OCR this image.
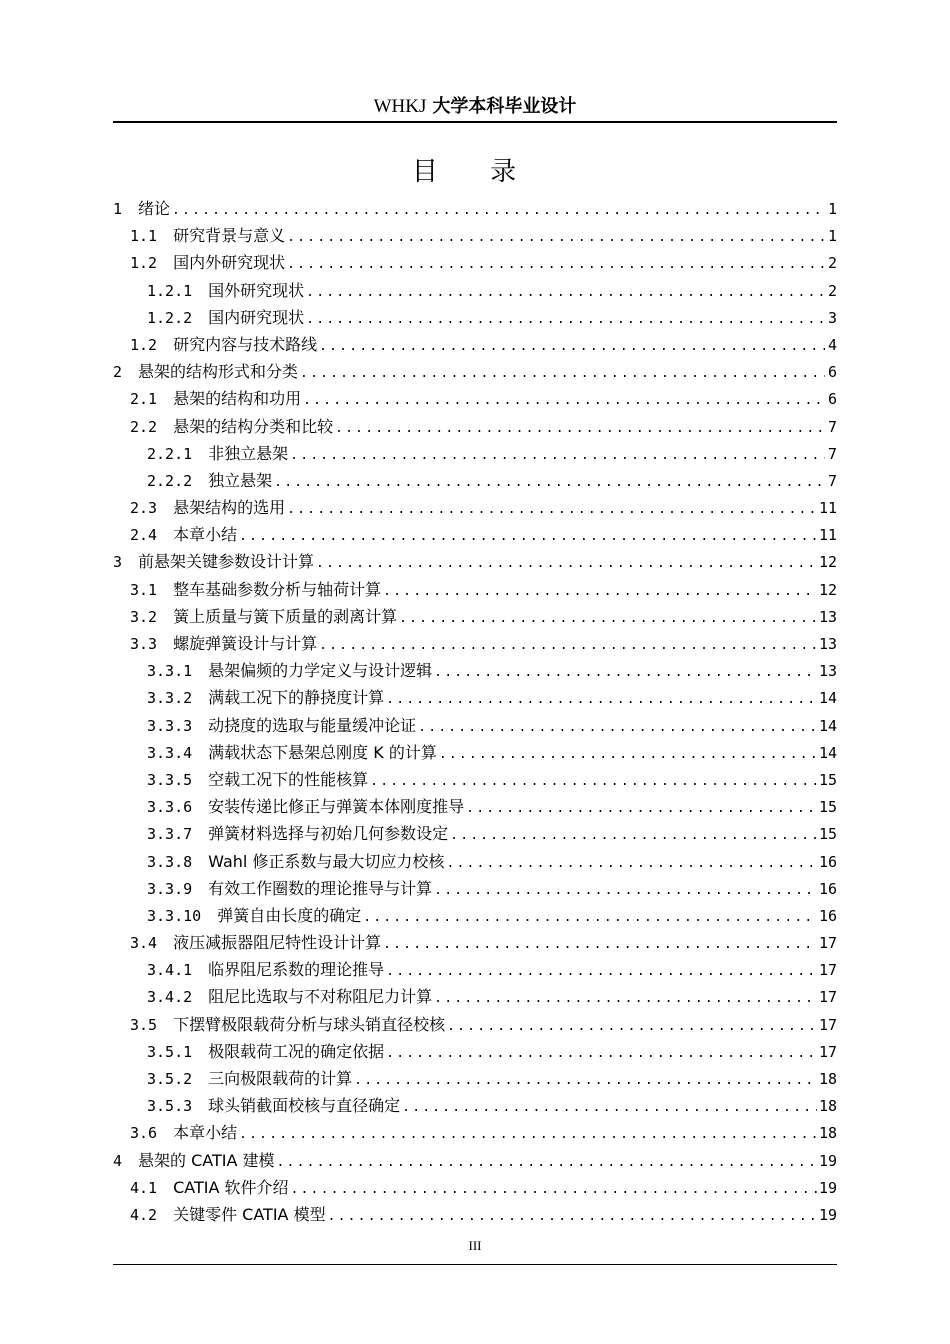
WHKJ 大学本科毕业设计
目 录
1 绪论 .....	1
1.1 研究背景与意义 .....	1
1.2 国内外研究现状 .....	2
1.2.1 国外研究现状 .....	2
1.2.2 国内研究现状 .....	3
1.2 研究内容与技术路线 .....	4
2 悬架的结构形式和分类 .....	6
2.1 悬架的结构和功用 .....	6
2.2 悬架的结构分类和比较 .....	7
2.2.1 非独立悬架 .....	7
2.2.2 独立悬架 .....	7
2.3 悬架结构的选用 .....	11
2.4 本章小结 .....	11
3 前悬架关键参数设计计算 .....	12
3.1 整车基础参数分析与轴荷计算 .....	12
3.2 簧上质量与簧下质量的剥离计算 .....	13
3.3 螺旋弹簧设计与计算 .....	13
3.3.1 悬架偏频的力学定义与设计逻辑 .....	13
3.3.2 满载工况下的静挠度计算 .....	14
3.3.3 动挠度的选取与能量缓冲论证 .....	14
3.3.4 满载状态下悬架总刚度 K 的计算 .....	14
3.3.5 空载工况下的性能核算 .....	15
3.3.6 安装传递比修正与弹簧本体刚度推导 .....	15
3.3.7 弹簧材料选择与初始几何参数设定 .....	15
3.3.8 Wahl 修正系数与最大切应力校核 .....	16
3.3.9 有效工作圈数的理论推导与计算 .....	16
3.3.10 弹簧自由长度的确定 .....	16
3.4 液压减振器阻尼特性设计计算 .....	17
3.4.1 临界阻尼系数的理论推导 .....	17
3.4.2 阻尼比选取与不对称阻尼力计算 .....	17
3.5 下摆臂极限载荷分析与球头销直径校核 .....	17
3.5.1 极限载荷工况的确定依据 .....	17
3.5.2 三向极限载荷的计算 .....	18
3.5.3 球头销截面校核与直径确定 .....	18
3.6 本章小结 .....	18
4 悬架的 CATIA 建模 .....	19
4.1 CATIA 软件介绍 .....	19
4.2 关键零件 CATIA 模型 .....	19
III
